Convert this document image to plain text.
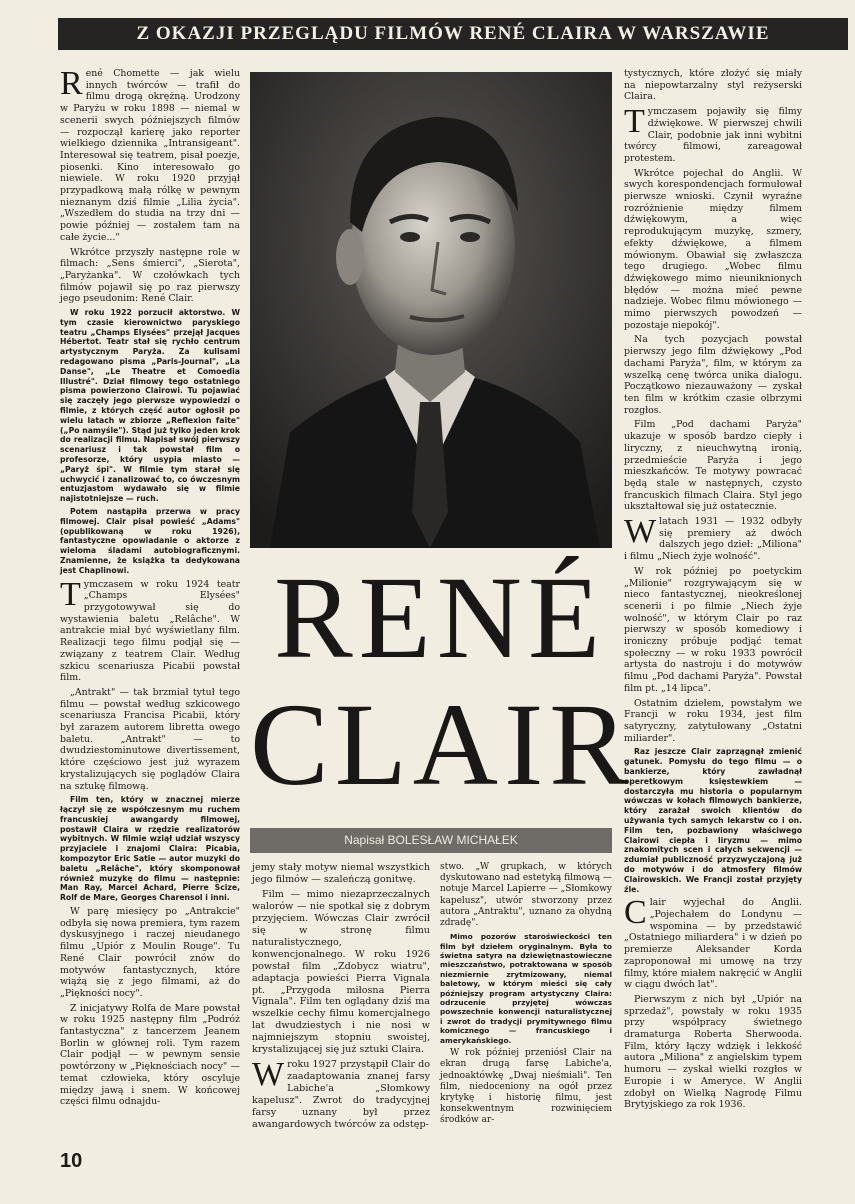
Z OKAZJI PRZEGLĄDU FILMÓW RENÉ CLAIRA W WARSZAWIE

René Chomette — jak wielu innych twórców — trafił do filmu drogą okrężną. Urodzony w Paryżu w roku 1898 — niemal w scenerii swych późniejszych filmów — rozpoczął karierę jako reporter wielkiego dziennika „Intransigeant". Interesował się teatrem, pisał poezje, piosenki. Kino interesowało go niewiele. W roku 1920 przyjął przypadkową małą rólkę w pewnym nieznanym dziś filmie „Lilia życia". „Wszedłem do studia na trzy dni — powie później — zostałem tam na całe życie..."

Wkrótce przyszły następne role w filmach: „Sens śmierci", „Sierota", „Paryżanka". W czołówkach tych filmów pojawił się po raz pierwszy jego pseudonim: René Clair.

W roku 1922 porzucił aktorstwo. W tym czasie kierownictwo paryskiego teatru „Champs Elysées" przejął Jacques Hébertot. Teatr stał się rychło centrum artystycznym Paryża. Za kulisami redagowano pisma „Paris-Journal", „La Danse", „Le Theatre et Comoedia Illustré". Dział filmowy tego ostatniego pisma powierzono Clairowi. Tu pojawiać się zaczęły jego pierwsze wypowiedzi o filmie, z których część autor ogłosił po wielu latach w zbiorze „Reflexion faite" („Po namyśle"). Stąd już tylko jeden krok do realizacji filmu. Napisał swój pierwszy scenariusz i tak powstał film o profesorze, który usypia miasto — „Paryż śpi". W filmie tym starał się uchwycić i zanalizować to, co ówczesnym entuzjastom wydawało się w filmie najistotniejsze — ruch.

Potem nastąpiła przerwa w pracy filmowej. Clair pisał powieść „Adams" (opublikowaną w roku 1926), fantastyczne opowiadanie o aktorze z wieloma śladami autobiograficznymi. Znamienne, że książka ta dedykowana jest Chaplinowi.

Tymczasem w roku 1924 teatr „Champs Elysées" przygotowywał się do wystawienia baletu „Relâche". W antrakcie miał być wyświetlany film. Realizacji tego filmu podjął się — związany z teatrem Clair. Według szkicu scenariusza Picabii powstał film.

„Antrakt" — tak brzmiał tytuł tego filmu — powstał według szkicowego scenariusza Francisa Picabii, który był zarazem autorem libretta owego baletu. „Antrakt" — to dwudziestominutowe divertissement, które częściowo jest już wyrazem krystalizujących się poglądów Claira na sztukę filmową.

Film ten, który w znacznej mierze łączył się ze współczesnym mu ruchem francuskiej awangardy filmowej, postawił Claira w rzędzie realizatorów wybitnych. W filmie wziął udział wszyscy przyjaciele i znajomi Claira: Picabia, kompozytor Eric Satie — autor muzyki do baletu „Relâche", który skomponował również muzykę do filmu — następnie: Man Ray, Marcel Achard, Pierre Scize, Rolf de Mare, Georges Charensol i inni.

W parę miesięcy po „Antrakcie" odbyła się nowa premiera, tym razem dyskusyjnego i raczej nieudanego filmu „Upiór z Moulin Rouge". Tu René Clair powrócił znów do motywów fantastycznych, które wiążą się z jego filmami, aż do „Piękności nocy".

Z inicjatywy Rolfa de Mare powstał w roku 1925 następny film „Podróż fantastyczna" z tancerzem Jeanem Borlin w głównej roli. Tym razem Clair podjął — w pewnym sensie powtórzony w „Pięknościach nocy" — temat człowieka, który oscyluje między jawą i snem. W końcowej części filmu odnajdu-

RENÉ
CLAIR
Napisał BOLESŁAW MICHAŁEK

jemy stały motyw niemal wszystkich jego filmów — szaleńczą gonitwę.

Film — mimo niezaprzeczalnych walorów — nie spotkał się z dobrym przyjęciem. Wówczas Clair zwrócił się w stronę filmu naturalistycznego, konwencjonalnego. W roku 1926 powstał film „Zdobycz wiatru", adaptacja powieści Pierra Vignala pt. „Przygoda miłosna Pierra Vignala". Film ten oglądany dziś ma wszelkie cechy filmu komercjalnego lat dwudziestych i nie nosi w najmniejszym stopniu swoistej, krystalizującej się już sztuki Claira.

Wroku 1927 przystąpił Clair do zaadaptowania znanej farsy Labiche'a „Słomkowy kapelusz". Zwrot do tradycyjnej farsy uznany był przez awangardowych twórców za odstęp-

stwo. „W grupkach, w których dyskutowano nad estetyką filmową — notuje Marcel Lapierre — „Słomkowy kapelusz", utwór stworzony przez autora „Antraktu", uznano za ohydną zdradę".

Mimo pozorów staroświeckości ten film był dziełem oryginalnym. Była to świetna satyra na dziewiętnastowieczne mieszczaństwo, potraktowana w sposób niezmiernie zrytmizowany, niemal baletowy, w którym mieści się cały późniejszy program artystyczny Claira: odrzucenie przyjętej wówczas powszechnie konwencji naturalistycznej i zwrot do tradycji prymitywnego filmu komicznego — francuskiego i amerykańskiego.

W rok później przeniósł Clair na ekran drugą farsę Labiche'a, jednoaktówkę „Dwaj nieśmiali". Ten film, niedoceniony na ogół przez krytykę i historię filmu, jest konsekwentnym rozwinięciem środków ar-

tystycznych, które złożyć się miały na niepowtarzalny styl reżyserski Claira.

Tymczasem pojawiły się filmy dźwiękowe. W pierwszej chwili Clair, podobnie jak inni wybitni twórcy filmowi, zareagował protestem.

Wkrótce pojechał do Anglii. W swych korespondencjach formułował pierwsze wnioski. Czynił wyraźne rozróżnienie między filmem dźwiękowym, a więc reprodukującym muzykę, szmery, efekty dźwiękowe, a filmem mówionym. Obawiał się zwłaszcza tego drugiego. „Wobec filmu dźwiękowego mimo nieuniknionych błędów — można mieć pewne nadzieje. Wobec filmu mówionego — mimo pierwszych powodzeń — pozostaje niepokój".

Na tych pozycjach powstał pierwszy jego film dźwiękowy „Pod dachami Paryża", film, w którym za wszelką cenę twórca unika dialogu. Początkowo niezauważony — zyskał ten film w krótkim czasie olbrzymi rozgłos.

Film „Pod dachami Paryża" ukazuje w sposób bardzo ciepły i liryczny, z nieuchwytną ironią, przedmieście Paryża i jego mieszkańców. Te motywy powracać będą stale w następnych, czysto francuskich filmach Claira. Styl jego ukształtował się już ostatecznie.

Wlatach 1931 — 1932 odbyły się premiery aż dwóch dalszych jego dzieł: „Miliona" i filmu „Niech żyje wolność".

W rok później po poetyckim „Milionie" rozgrywającym się w nieco fantastycznej, nieokreślonej scenerii i po filmie „Niech żyje wolność", w którym Clair po raz pierwszy w sposób komediowy i ironiczny próbuje podjąć temat społeczny — w roku 1933 powrócił artysta do nastroju i do motywów filmu „Pod dachami Paryża". Powstał film pt. „14 lipca".

Ostatnim dziełem, powstałym we Francji w roku 1934, jest film satyryczny, zatytułowany „Ostatni miliarder".

Raz jeszcze Clair zaprzągnął zmienić gatunek. Pomysłu do tego filmu — o bankierze, który zawładnął operetkowym księstewkiem — dostarczyła mu historia o popularnym wówczas w kołach filmowych bankierze, który zarażał swoich klientów do używania tych samych lekarstw co i on. Film ten, pozbawiony właściwego Clairowi ciepła i liryzmu — mimo znakomitych scen i całych sekwencji — zdumiał publiczność przyzwyczajoną już do motywów i do atmosfery filmów Clairowskich. We Francji został przyjęty źle.

Clair wyjechał do Anglii. „Pojechałem do Londynu — wspomina — by przedstawić „Ostatniego miliardera" i w dzień po premierze Aleksander Korda zaproponował mi umowę na trzy filmy, które miałem nakręcić w Anglii w ciągu dwóch lat".

Pierwszym z nich był „Upiór na sprzedaż", powstały w roku 1935 przy współpracy świetnego dramaturga Roberta Sherwooda. Film, który łączy wdzięk i lekkość autora „Miliona" z angielskim typem humoru — zyskał wielki rozgłos w Europie i w Ameryce. W Anglii zdobył on Wielką Nagrodę Filmu Brytyjskiego za rok 1936.

10
